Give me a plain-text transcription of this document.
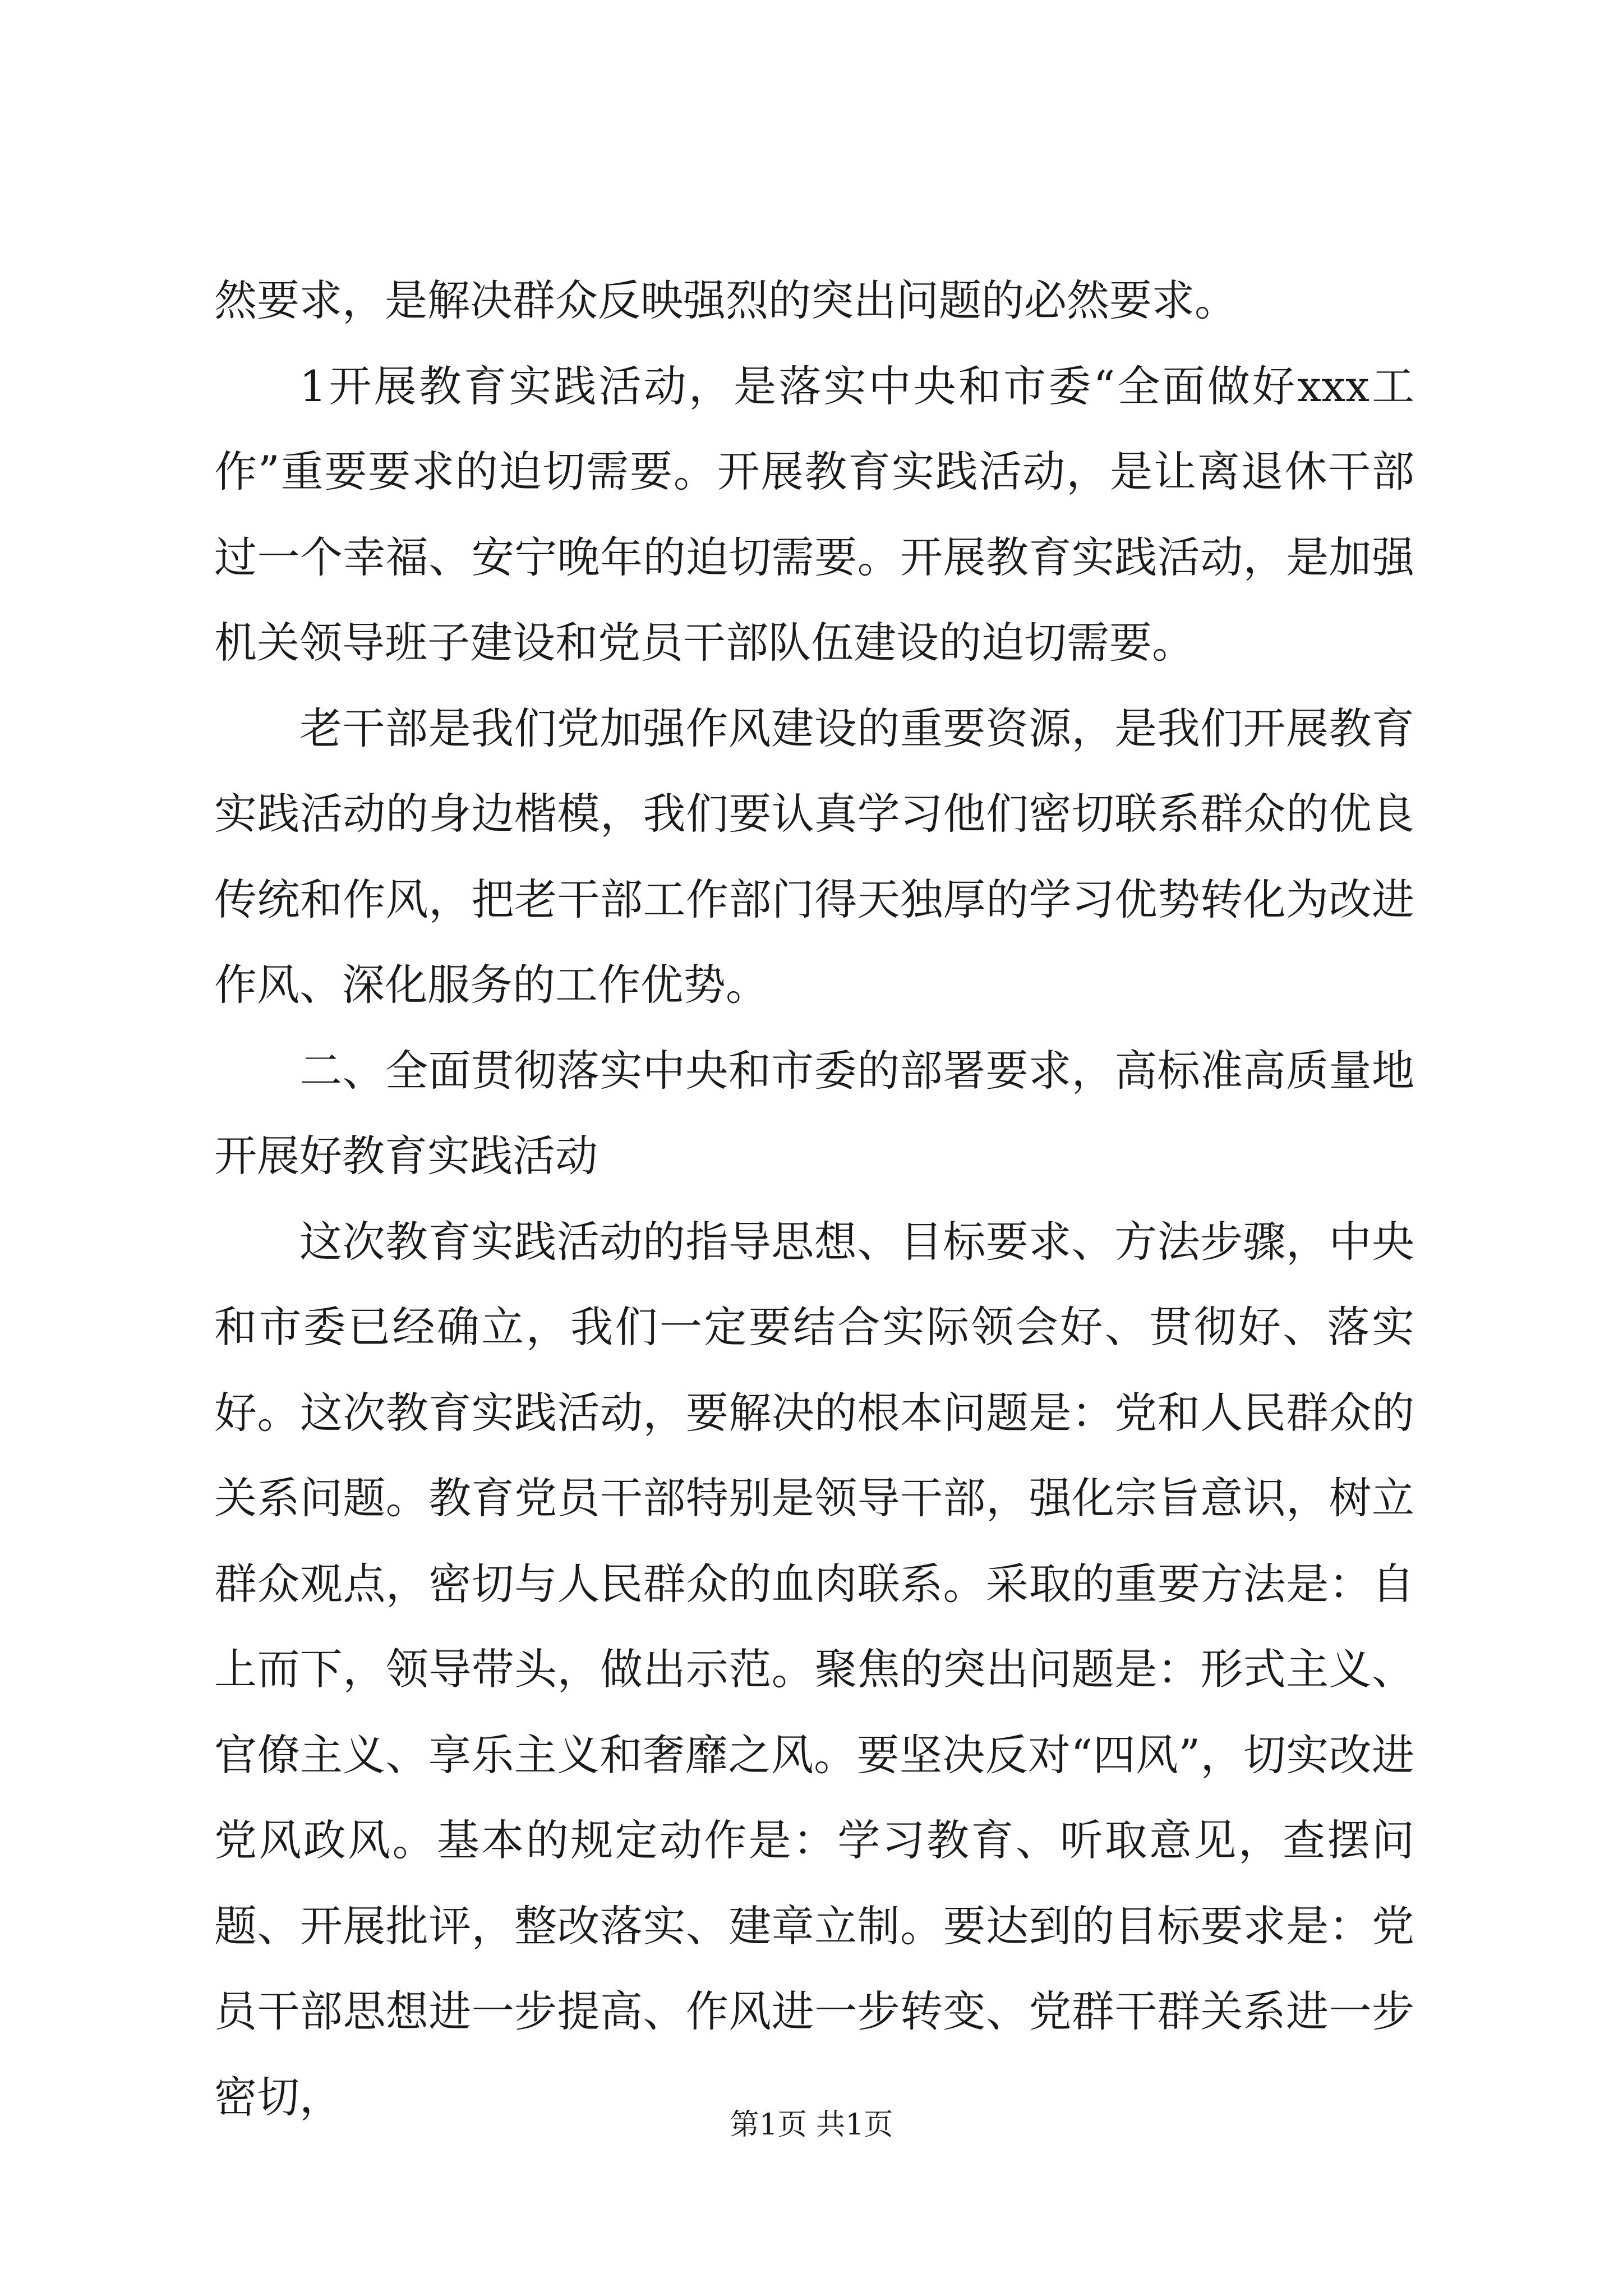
然要求，是解决群众反映强烈的突出问题的必然要求。

1开展教育实践活动，是落实中央和市委“全面做好xxx工作”重要要求的迫切需要。开展教育实践活动，是让离退休干部过一个幸福、安宁晚年的迫切需要。开展教育实践活动，是加强机关领导班子建设和党员干部队伍建设的迫切需要。

老干部是我们党加强作风建设的重要资源，是我们开展教育实践活动的身边楷模，我们要认真学习他们密切联系群众的优良传统和作风，把老干部工作部门得天独厚的学习优势转化为改进作风、深化服务的工作优势。

二、全面贯彻落实中央和市委的部署要求，高标准高质量地开展好教育实践活动

这次教育实践活动的指导思想、目标要求、方法步骤，中央和市委已经确立，我们一定要结合实际领会好、贯彻好、落实好。这次教育实践活动，要解决的根本问题是：党和人民群众的关系问题。教育党员干部特别是领导干部，强化宗旨意识，树立群众观点，密切与人民群众的血肉联系。采取的重要方法是：自上而下，领导带头，做出示范。聚焦的突出问题是：形式主义、官僚主义、享乐主义和奢靡之风。要坚决反对“四风”，切实改进党风政风。基本的规定动作是：学习教育、听取意见，查摆问题、开展批评，整改落实、建章立制。要达到的目标要求是：党员干部思想进一步提高、作风进一步转变、党群干群关系进一步密切，

第1页 共1页
